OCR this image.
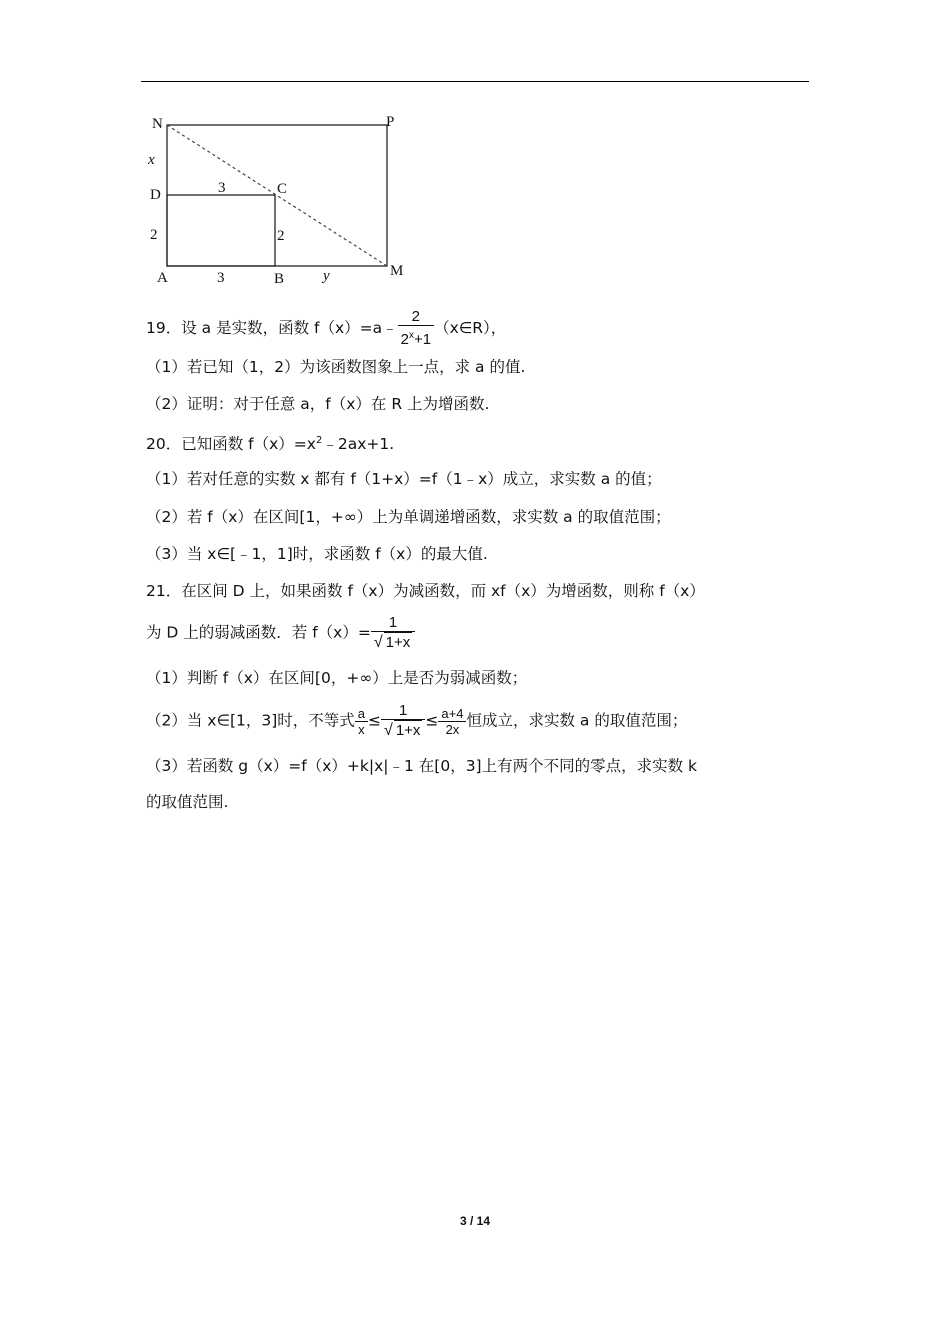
N	P
x
D	3	C
2	2
A	3	B	y	M
19．设 a 是实数，函数 f（x）=a﹣ $\frac{2}{2^x+1}$ （x∈R），
（1）若已知（1，2）为该函数图象上一点，求 a 的值.
（2）证明：对于任意 a，f（x）在 R 上为增函数.
20．已知函数 $f(x)=x^2﹣2ax+1$.
（1）若对任意的实数 x 都有 f（1+x）=f（1﹣x）成立，求实数 a 的值；
（2）若 f（x）在区间[1，+∞）上为单调递增函数，求实数 a 的取值范围；
（3）当 x∈[﹣1，1]时，求函数 f（x）的最大值.
21．在区间 D 上，如果函数 f（x）为减函数，而 xf（x）为增函数，则称 f（x）
为 D 上的弱减函数．若 $f(x)= \frac{1}{√ 1+x}$
（1）判断 f（x）在区间[0，+∞）上是否为弱减函数；
（2）当 x∈[1，3]时，不等式 $\frac{a}{x} \le \frac{1}{√ 1+x} \le \frac{a+4}{2x}$ 恒成立，求实数 a 的取值范围；
（3）若函数 g（x）=f（x）+k|x|﹣1 在[0，3]上有两个不同的零点，求实数 k
的取值范围.
3 / 14
